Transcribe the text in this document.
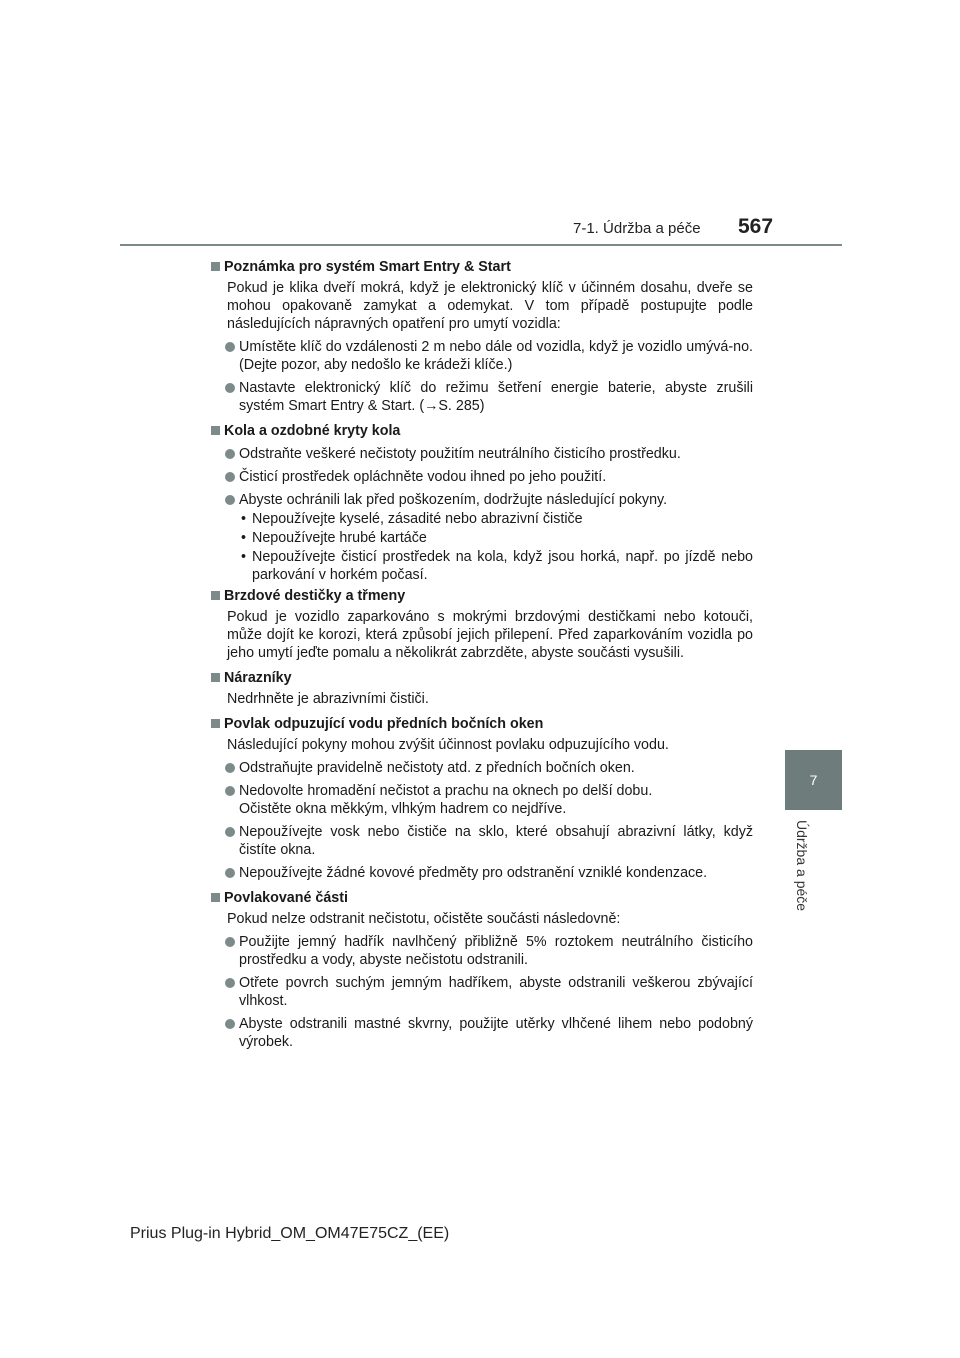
7-1. Údržba a péče 567
7
Údržba a péče
Poznámka pro systém Smart Entry & Start
Pokud je klika dveří mokrá, když je elektronický klíč v účinném dosahu, dveře se mohou opakovaně zamykat a odemykat. V tom případě postupujte podle následujících nápravných opatření pro umytí vozidla:
Umístěte klíč do vzdálenosti 2 m nebo dále od vozidla, když je vozidlo umývá-no. (Dejte pozor, aby nedošlo ke krádeži klíče.)
Nastavte elektronický klíč do režimu šetření energie baterie, abyste zrušili systém Smart Entry & Start. (→S. 285)
Kola a ozdobné kryty kola
Odstraňte veškeré nečistoty použitím neutrálního čisticího prostředku.
Čisticí prostředek opláchněte vodou ihned po jeho použití.
Abyste ochránili lak před poškozením, dodržujte následující pokyny.
• Nepoužívejte kyselé, zásadité nebo abrazivní čističe
• Nepoužívejte hrubé kartáče
• Nepoužívejte čisticí prostředek na kola, když jsou horká, např. po jízdě nebo parkování v horkém počasí.
Brzdové destičky a třmeny
Pokud je vozidlo zaparkováno s mokrými brzdovými destičkami nebo kotouči, může dojít ke korozi, která způsobí jejich přilepení. Před zaparkováním vozidla po jeho umytí jeďte pomalu a několikrát zabrzděte, abyste součásti vysušili.
Nárazníky
Nedrhněte je abrazivními čističi.
Povlak odpuzující vodu předních bočních oken
Následující pokyny mohou zvýšit účinnost povlaku odpuzujícího vodu.
Odstraňujte pravidelně nečistoty atd. z předních bočních oken.
Nedovolte hromadění nečistot a prachu na oknech po delší dobu.
Očistěte okna měkkým, vlhkým hadrem co nejdříve.
Nepoužívejte vosk nebo čističe na sklo, které obsahují abrazivní látky, když čistíte okna.
Nepoužívejte žádné kovové předměty pro odstranění vzniklé kondenzace.
Povlakované části
Pokud nelze odstranit nečistotu, očistěte součásti následovně:
Použijte jemný hadřík navlhčený přibližně 5% roztokem neutrálního čisticího prostředku a vody, abyste nečistotu odstranili.
Otřete povrch suchým jemným hadříkem, abyste odstranili veškerou zbývající vlhkost.
Abyste odstranili mastné skvrny, použijte utěrky vlhčené lihem nebo podobný výrobek.
Prius Plug-in Hybrid_OM_OM47E75CZ_(EE)
